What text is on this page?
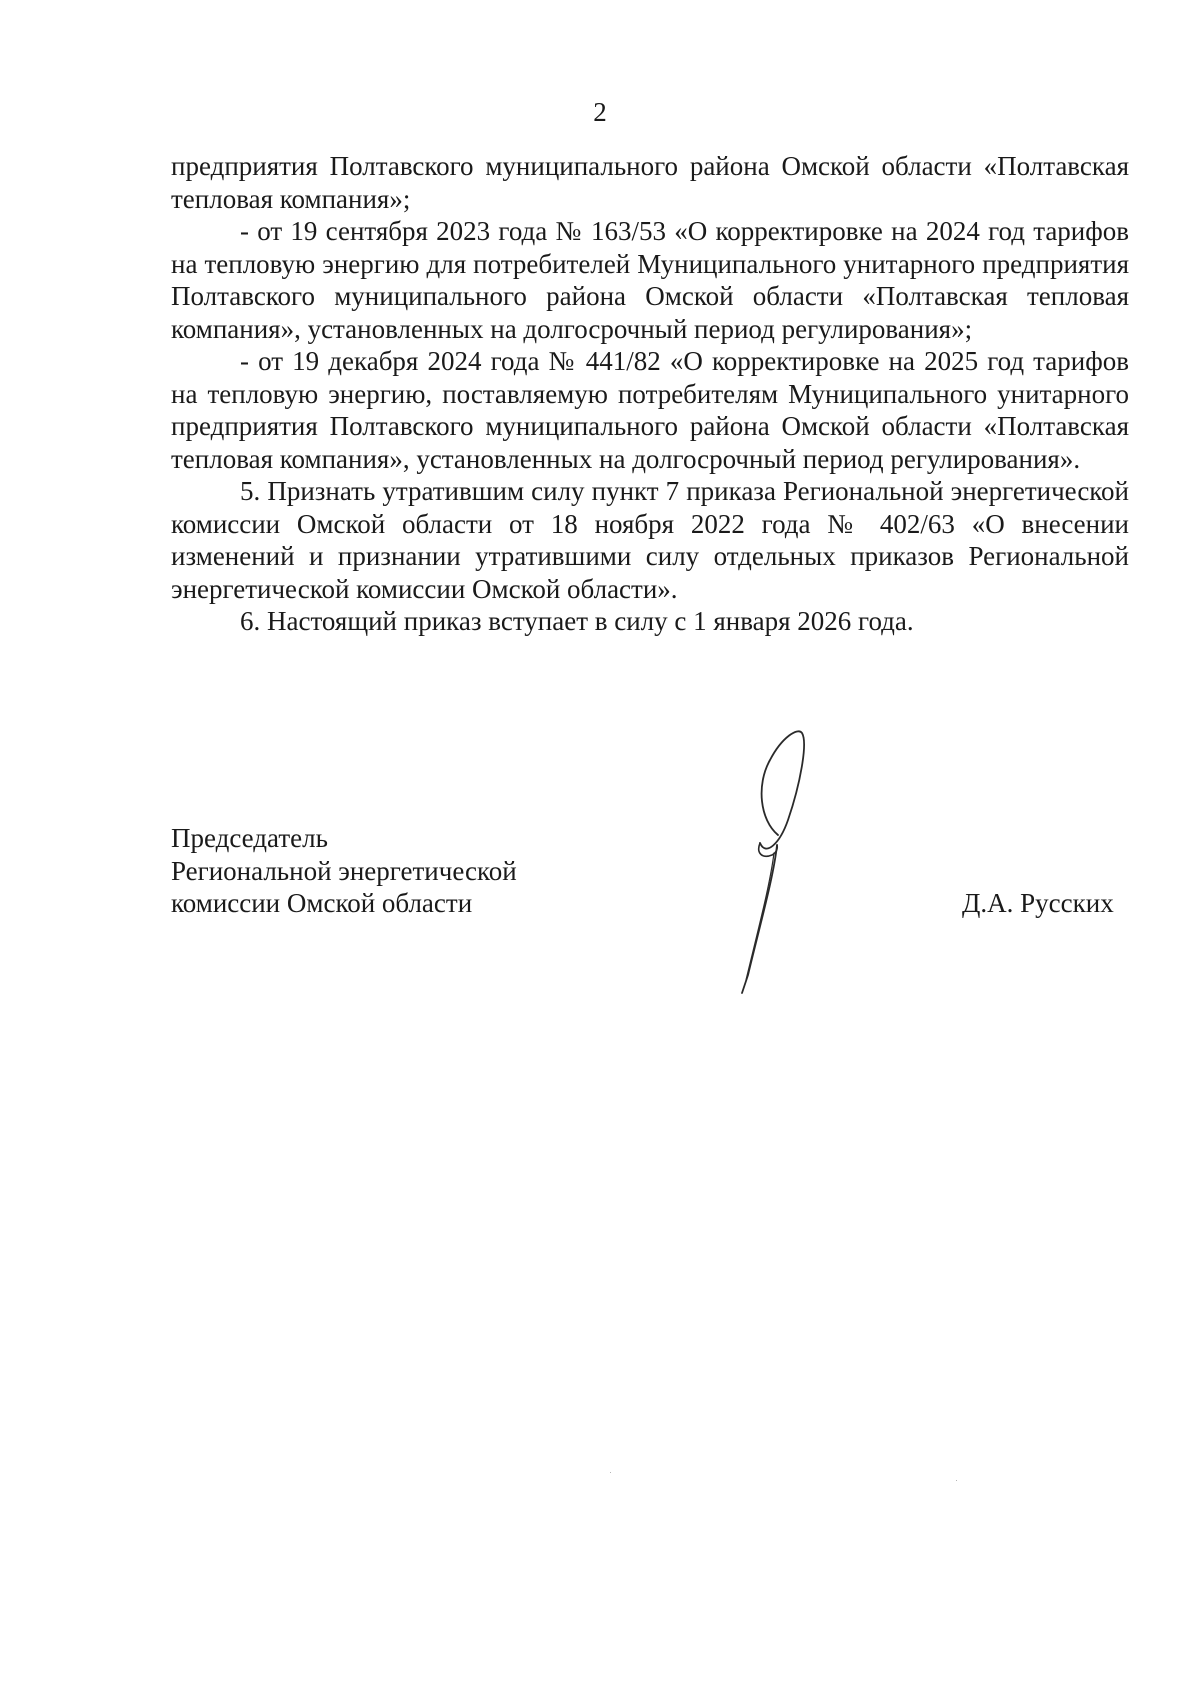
2

предприятия Полтавского муниципального района Омской области «Полтавская тепловая компания»;

- от 19 сентября 2023 года № 163/53 «О корректировке на 2024 год тарифов на тепловую энергию для потребителей Муниципального унитарного предприятия Полтавского муниципального района Омской области «Полтавская тепловая компания», установленных на долгосрочный период регулирования»;

- от 19 декабря 2024 года № 441/82 «О корректировке на 2025 год тарифов на тепловую энергию, поставляемую потребителям Муниципального унитарного предприятия Полтавского муниципального района Омской области «Полтавская тепловая компания», установленных на долгосрочный период регулирования».

5. Признать утратившим силу пункт 7 приказа Региональной энергетической комиссии Омской области от 18 ноября 2022 года № 402/63 «О внесении изменений и признании утратившими силу отдельных приказов Региональной энергетической комиссии Омской области».

6. Настоящий приказ вступает в силу с 1 января 2026 года.

Председатель
Региональной энергетической
комиссии Омской области	Д.А. Русских
